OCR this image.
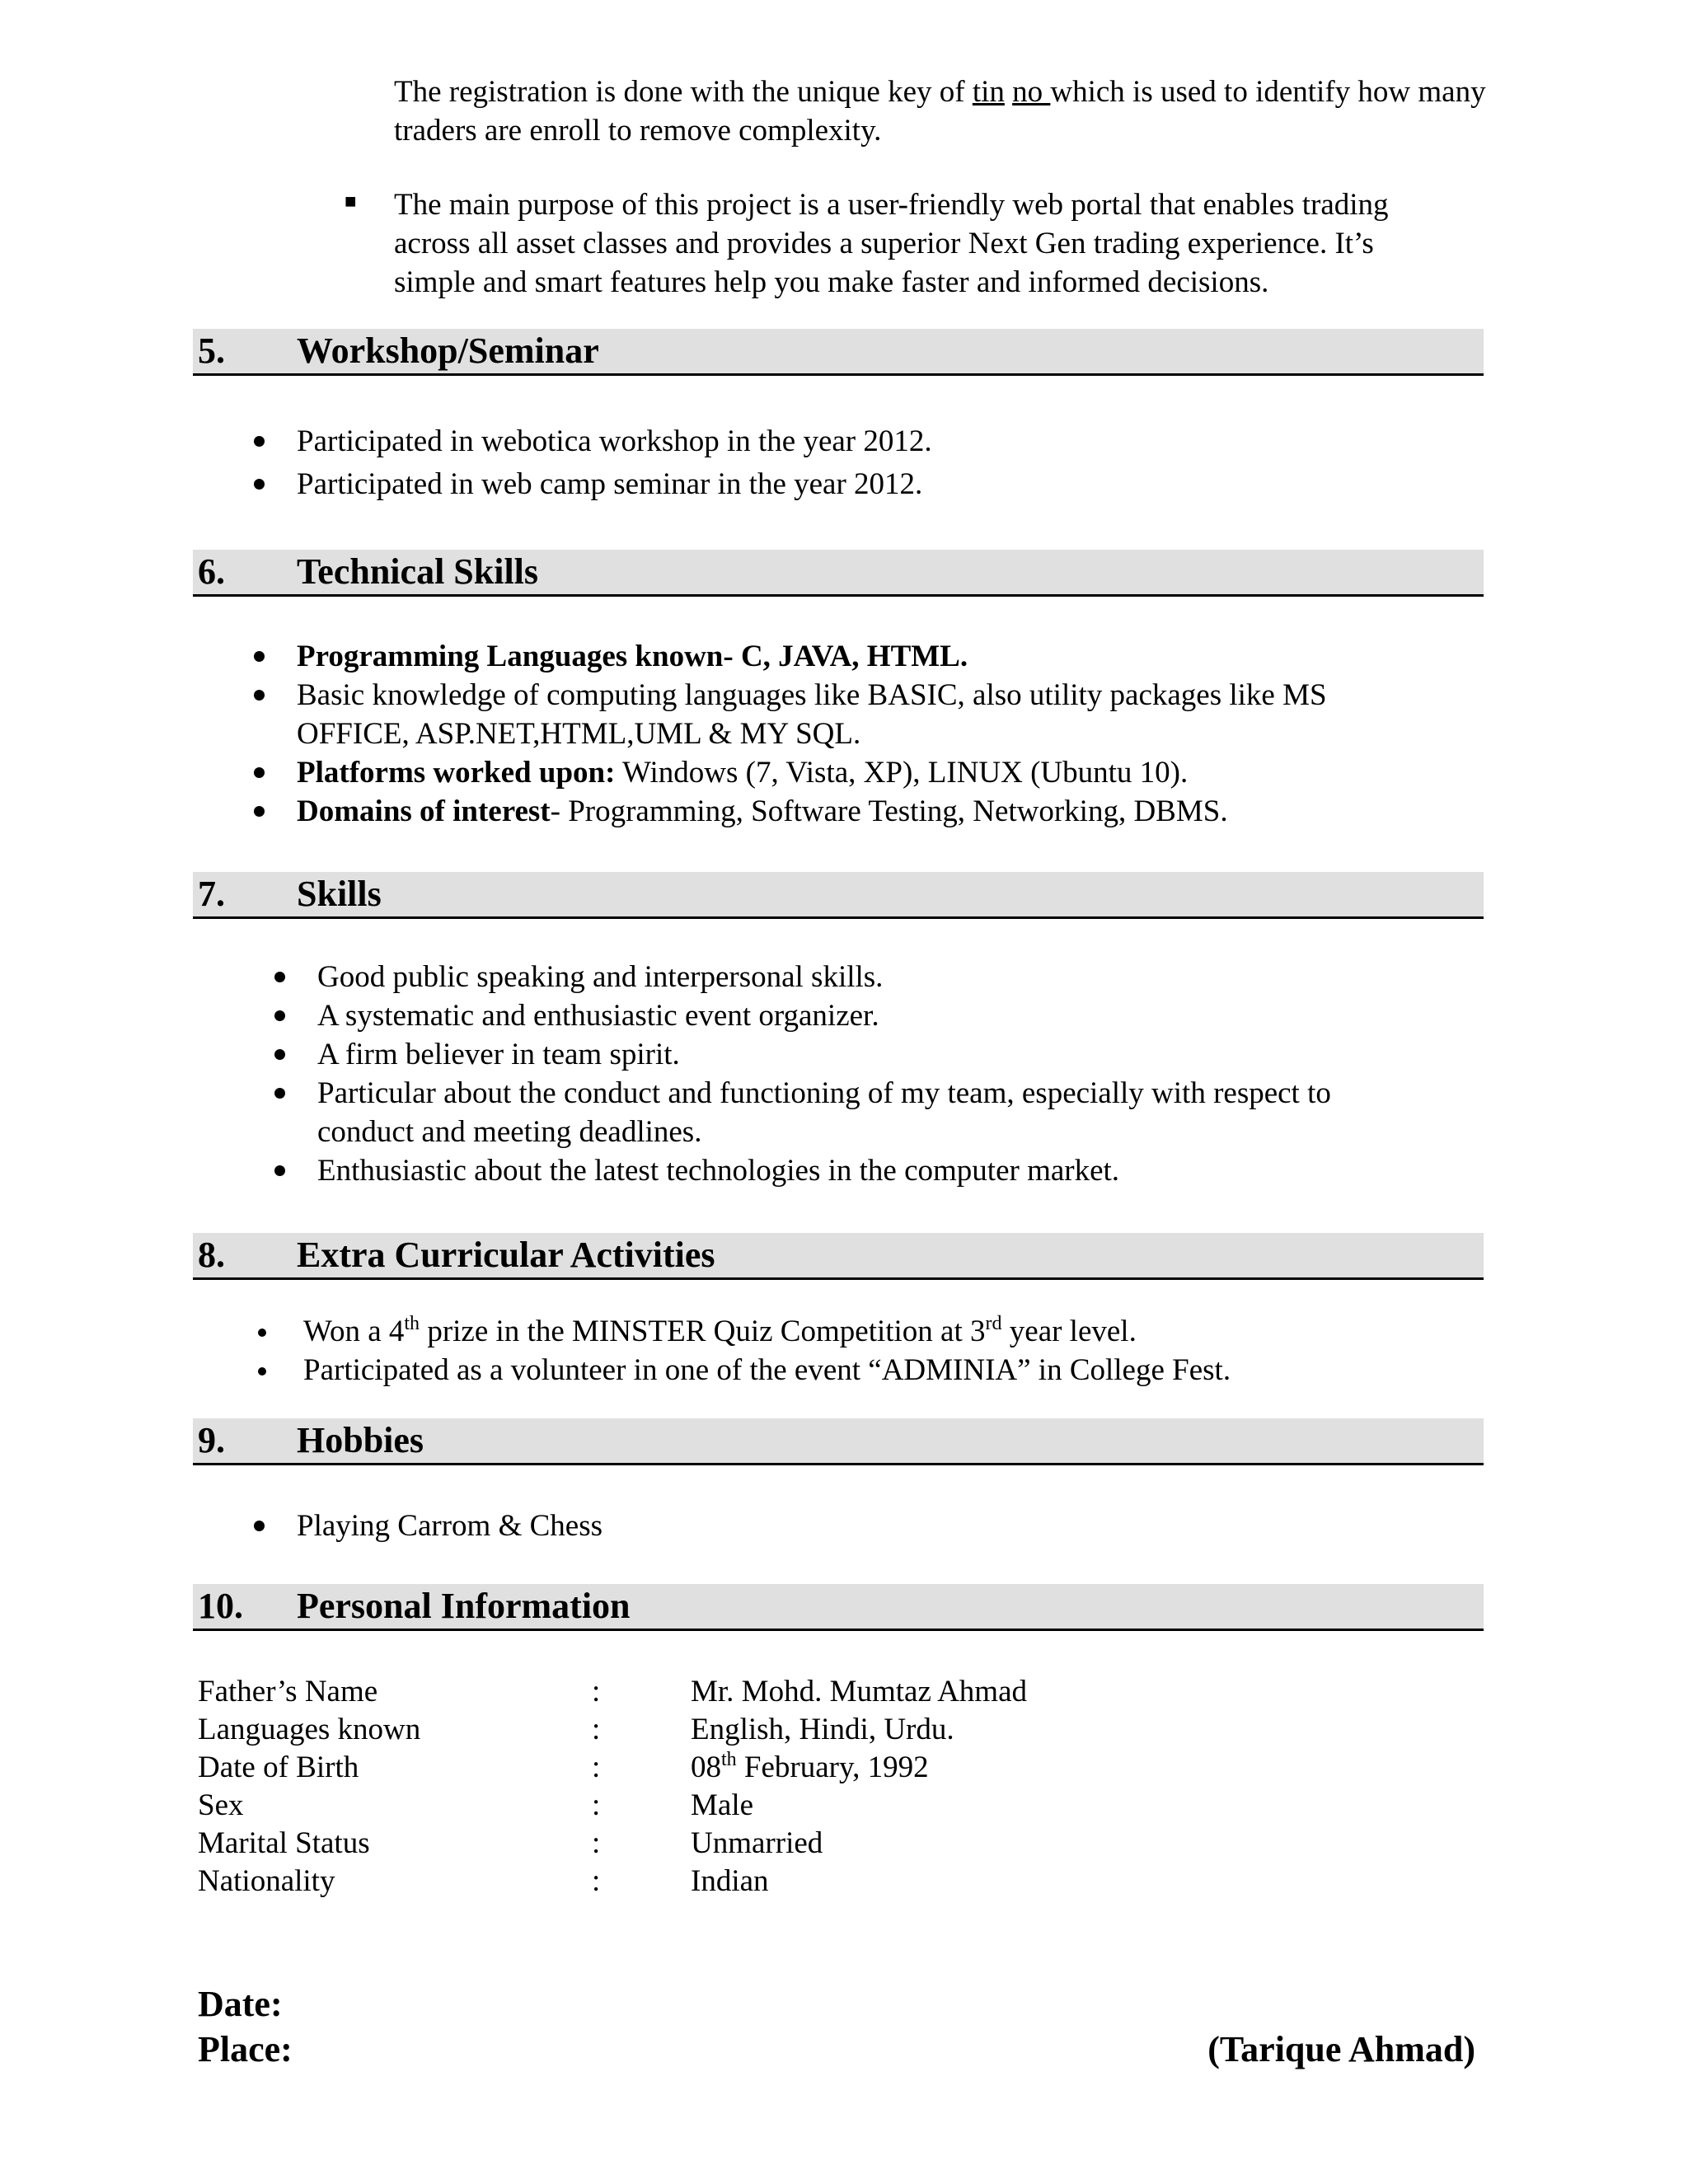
The registration is done with the unique key of tin no which is used to identify how many

traders are enroll to remove complexity.

■ The main purpose of this project is a user-friendly web portal that enables trading

across all asset classes and provides a superior Next Gen trading experience. It’s

simple and smart features help you make faster and informed decisions.

5. Workshop/Seminar
Participated in webotica workshop in the year 2012.
Participated in web camp seminar in the year 2012.
6. Technical Skills
Programming Languages known- C, JAVA, HTML.
Basic knowledge of computing languages like BASIC, also utility packages like MS
OFFICE, ASP.NET,HTML,UML & MY SQL.
Platforms worked upon: Windows (7, Vista, XP), LINUX (Ubuntu 10).
Domains of interest- Programming, Software Testing, Networking, DBMS.
7. Skills
Good public speaking and interpersonal skills.
A systematic and enthusiastic event organizer.
A firm believer in team spirit.
Particular about the conduct and functioning of my team, especially with respect to
conduct and meeting deadlines.
Enthusiastic about the latest technologies in the computer market.
8. Extra Curricular Activities
Won a 4th prize in the MINSTER Quiz Competition at 3rd year level.
Participated as a volunteer in one of the event “ADMINIA” in College Fest.
9. Hobbies
Playing Carrom & Chess
10. Personal Information
Father’s Name	:	Mr. Mohd. Mumtaz Ahmad
Languages known	:	English, Hindi, Urdu.
Date of Birth	:	08th February, 1992
Sex	:	Male
Marital Status	:	Unmarried
Nationality	:	Indian
Date:
Place:	(Tarique Ahmad)
